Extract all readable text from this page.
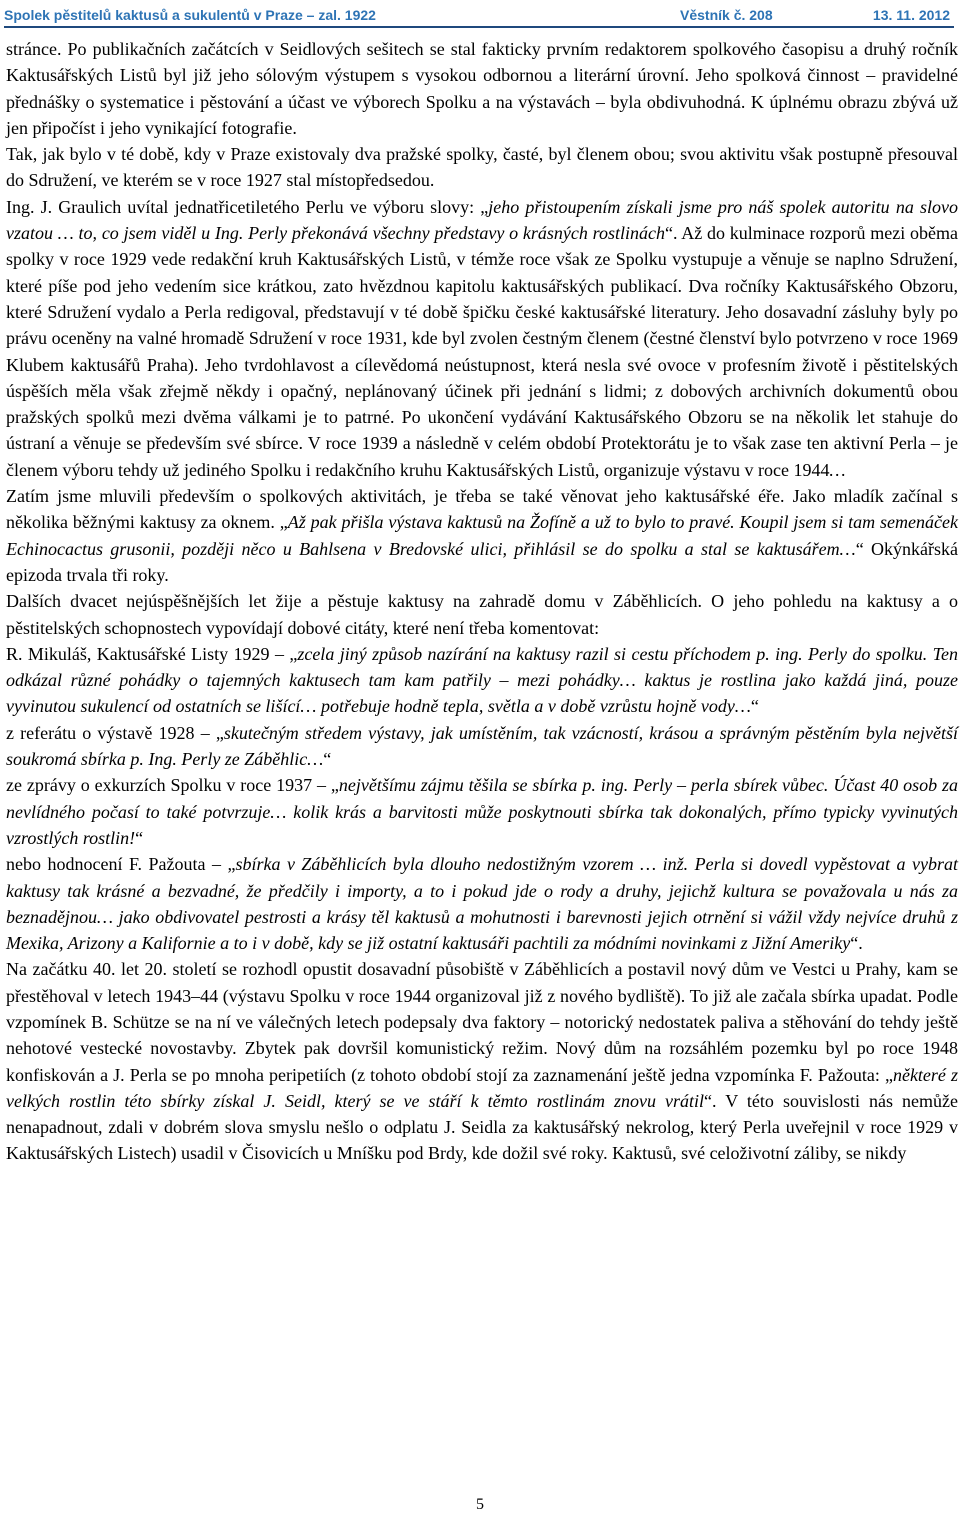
Spolek pěstitelů kaktusů a sukulentů v Praze – zal. 1922	Věstník č. 208	13. 11. 2012

stránce. Po publikačních začátcích v Seidlových sešitech se stal fakticky prvním redaktorem spolkového časopisu a druhý ročník Kaktusářských Listů byl již jeho sólovým výstupem s vysokou odbornou a literární úrovní. Jeho spolková činnost – pravidelné přednášky o systematice i pěstování a účast ve výborech Spolku a na výstavách – byla obdivuhodná. K úplnému obrazu zbývá už jen připočíst i jeho vynikající fotografie.

Tak, jak bylo v té době, kdy v Praze existovaly dva pražské spolky, časté, byl členem obou; svou aktivitu však postupně přesouval do Sdružení, ve kterém se v roce 1927 stal místopředsedou.

Ing. J. Graulich uvítal jednatřicetiletého Perlu ve výboru slovy: „jeho přistoupením získali jsme pro náš spolek autoritu na slovo vzatou … to, co jsem viděl u Ing. Perly překonává všechny představy o krásných rostlinách“. Až do kulminace rozporů mezi oběma spolky v roce 1929 vede redakční kruh Kaktusářských Listů, v témže roce však ze Spolku vystupuje a věnuje se naplno Sdružení, které píše pod jeho vedením sice krátkou, zato hvězdnou kapitolu kaktusářských publikací. Dva ročníky Kaktusářského Obzoru, které Sdružení vydalo a Perla redigoval, představují v té době špičku české kaktusářské literatury. Jeho dosavadní zásluhy byly po právu oceněny na valné hromadě Sdružení v roce 1931, kde byl zvolen čestným členem (čestné členství bylo potvrzeno v roce 1969 Klubem kaktusářů Praha). Jeho tvrdohlavost a cílevědomá neústupnost, která nesla své ovoce v profesním životě i pěstitelských úspěších měla však zřejmě někdy i opačný, neplánovaný účinek při jednání s lidmi; z dobových archivních dokumentů obou pražských spolků mezi dvěma válkami je to patrné. Po ukončení vydávání Kaktusářského Obzoru se na několik let stahuje do ústraní a věnuje se především své sbírce. V roce 1939 a následně v celém období Protektorátu je to však zase ten aktivní Perla – je členem výboru tehdy už jediného Spolku i redakčního kruhu Kaktusářských Listů, organizuje výstavu v roce 1944…

Zatím jsme mluvili především o spolkových aktivitách, je třeba se také věnovat jeho kaktusářské éře. Jako mladík začínal s několika běžnými kaktusy za oknem. „Až pak přišla výstava kaktusů na Žofíně a už to bylo to pravé. Koupil jsem si tam semenáček Echinocactus grusonii, později něco u Bahlsena v Bredovské ulici, přihlásil se do spolku a stal se kaktusářem…“ Okýnkářská epizoda trvala tři roky.

Dalších dvacet nejúspěšnějších let žije a pěstuje kaktusy na zahradě domu v Záběhlicích. O jeho pohledu na kaktusy a o pěstitelských schopnostech vypovídají dobové citáty, které není třeba komentovat:

R. Mikuláš, Kaktusářské Listy 1929 – „zcela jiný způsob nazírání na kaktusy razil si cestu příchodem p. ing. Perly do spolku. Ten odkázal různé pohádky o tajemných kaktusech tam kam patřily – mezi pohádky… kaktus je rostlina jako každá jiná, pouze vyvinutou sukulencí od ostatních se lišící… potřebuje hodně tepla, světla a v době vzrůstu hojně vody…“

z referátu o výstavě 1928 – „skutečným středem výstavy, jak umístěním, tak vzácností, krásou a správným pěstěním byla největší soukromá sbírka p. Ing. Perly ze Záběhlic…“

ze zprávy o exkurzích Spolku v roce 1937 – „největšímu zájmu těšila se sbírka p. ing. Perly – perla sbírek vůbec. Účast 40 osob za nevlídného počasí to také potvrzuje… kolik krás a barvitosti může poskytnouti sbírka tak dokonalých, přímo typicky vyvinutých vzrostlých rostlin!“

nebo hodnocení F. Pažouta – „sbírka v Záběhlicích byla dlouho nedostižným vzorem … inž. Perla si dovedl vypěstovat a vybrat kaktusy tak krásné a bezvadné, že předčily i importy, a to i pokud jde o rody a druhy, jejichž kultura se považovala u nás za beznadějnou… jako obdivovatel pestrosti a krásy těl kaktusů a mohutnosti i barevnosti jejich otrnění si vážil vždy nejvíce druhů z Mexika, Arizony a Kalifornie a to i v době, kdy se již ostatní kaktusáři pachtili za módními novinkami z Jižní Ameriky“.

Na začátku 40. let 20. století se rozhodl opustit dosavadní působiště v Záběhlicích a postavil nový dům ve Vestci u Prahy, kam se přestěhoval v letech 1943–44 (výstavu Spolku v roce 1944 organizoval již z nového bydliště). To již ale začala sbírka upadat. Podle vzpomínek B. Schütze se na ní ve válečných letech podepsaly dva faktory – notorický nedostatek paliva a stěhování do tehdy ještě nehotové vestecké novostavby. Zbytek pak dovršil komunistický režim. Nový dům na rozsáhlém pozemku byl po roce 1948 konfiskován a J. Perla se po mnoha peripetiích (z tohoto období stojí za zaznamenání ještě jedna vzpomínka F. Pažouta: „některé z velkých rostlin této sbírky získal J. Seidl, který se ve stáří k těmto rostlinám znovu vrátil“. V této souvislosti nás nemůže nenapadnout, zdali v dobrém slova smyslu nešlo o odplatu J. Seidla za kaktusářský nekrolog, který Perla uveřejnil v roce 1929 v Kaktusářských Listech) usadil v Čisovicích u Mníšku pod Brdy, kde dožil své roky. Kaktusů, své celoživotní záliby, se nikdy

5
